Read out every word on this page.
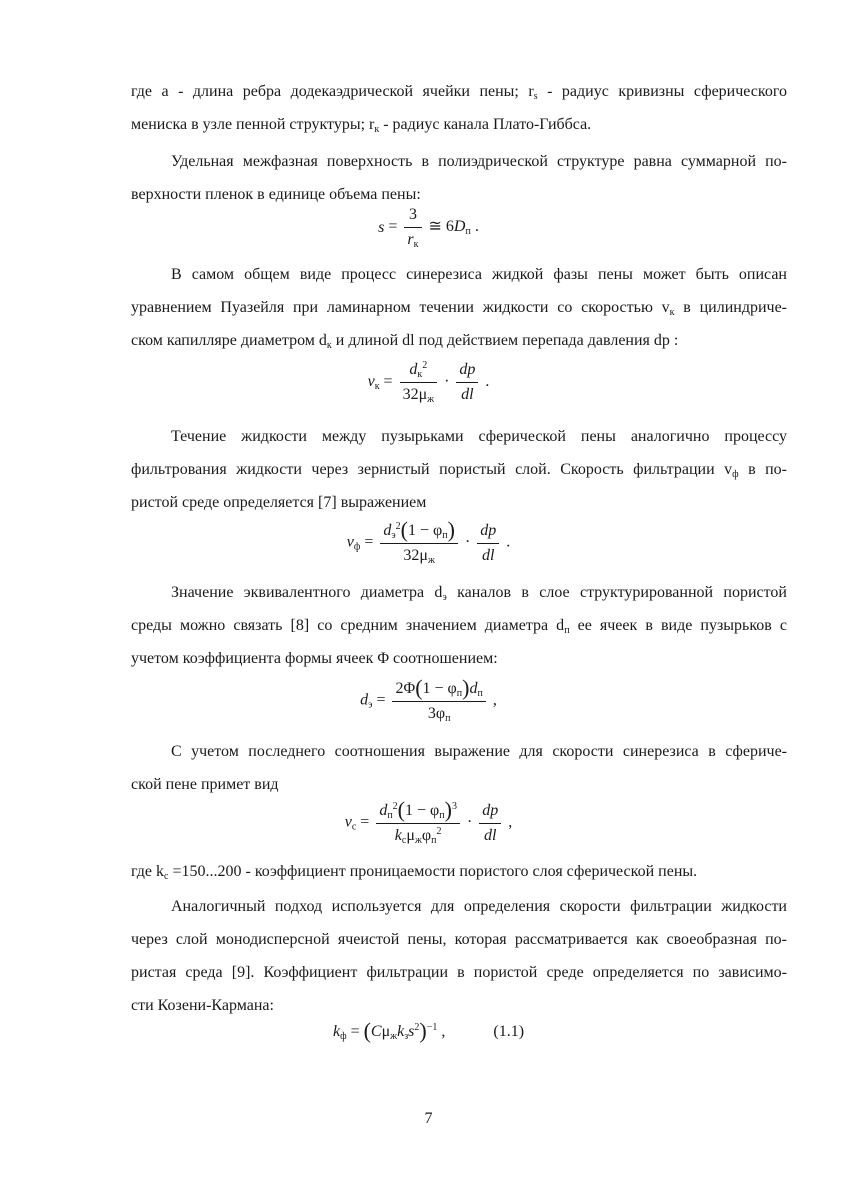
где a - длина ребра додекаэдрической ячейки пены; $r_s$ - радиус кривизны сферического
мениска в узле пенной структуры; $r_к$ - радиус канала Плато-Гиббса.
Удельная межфазная поверхность в полиэдрической структуре равна суммарной по-
верхности пленок в единице объема пены:
$s = \frac{3}{r_к}$ ≅ $6D_п$ .
В самом общем виде процесс синерезиса жидкой фазы пены может быть описан
уравнением Пуазейля при ламинарном течении жидкости со скоростью $v_к$ в цилиндриче-
ском капилляре диаметром $d_к$ и длиной dl под действием перепада давления dp :
$v_к = \frac{d_к^2}{32\mu_ж} \cdot \frac{dp}{dl}$ .
Течение жидкости между пузырьками сферической пены аналогично процессу
фильтрования жидкости через зернистый пористый слой. Скорость фильтрации $v_ф$ в по-
ристой среде определяется [7] выражением
$v_ф = \frac{d_э^2(1 - \varphi_п)}{32\mu_ж} \cdot \frac{dp}{dl}$ .
Значение эквивалентного диаметра $d_э$ каналов в слое структурированной пористой
среды можно связать [8] со средним значением диаметра $d_п$ ее ячеек в виде пузырьков с
учетом коэффициента формы ячеек Φ соотношением:
$d_э = \frac{2\Phi(1 - \varphi_п)d_п}{3\varphi_п}$ ,
С учетом последнего соотношения выражение для скорости синерезиса в сфериче-
ской пене примет вид
$v_с = \frac{d_п^2(1 - \varphi_п)^3}{k_с\mu_ж\varphi_п^2} \cdot \frac{dp}{dl}$ ,
где $k_с =150...200$ - коэффициент проницаемости пористого слоя сферической пены.
Аналогичный подход используется для определения скорости фильтрации жидкости
через слой монодисперсной ячеистой пены, которая рассматривается как своеобразная по-
ристая среда [9]. Коэффициент фильтрации в пористой среде определяется по зависимо-
сти Козени-Кармана:
$k_ф = (C\mu_жk_зs^2)^{-1}$ ,	(1.1)
7
